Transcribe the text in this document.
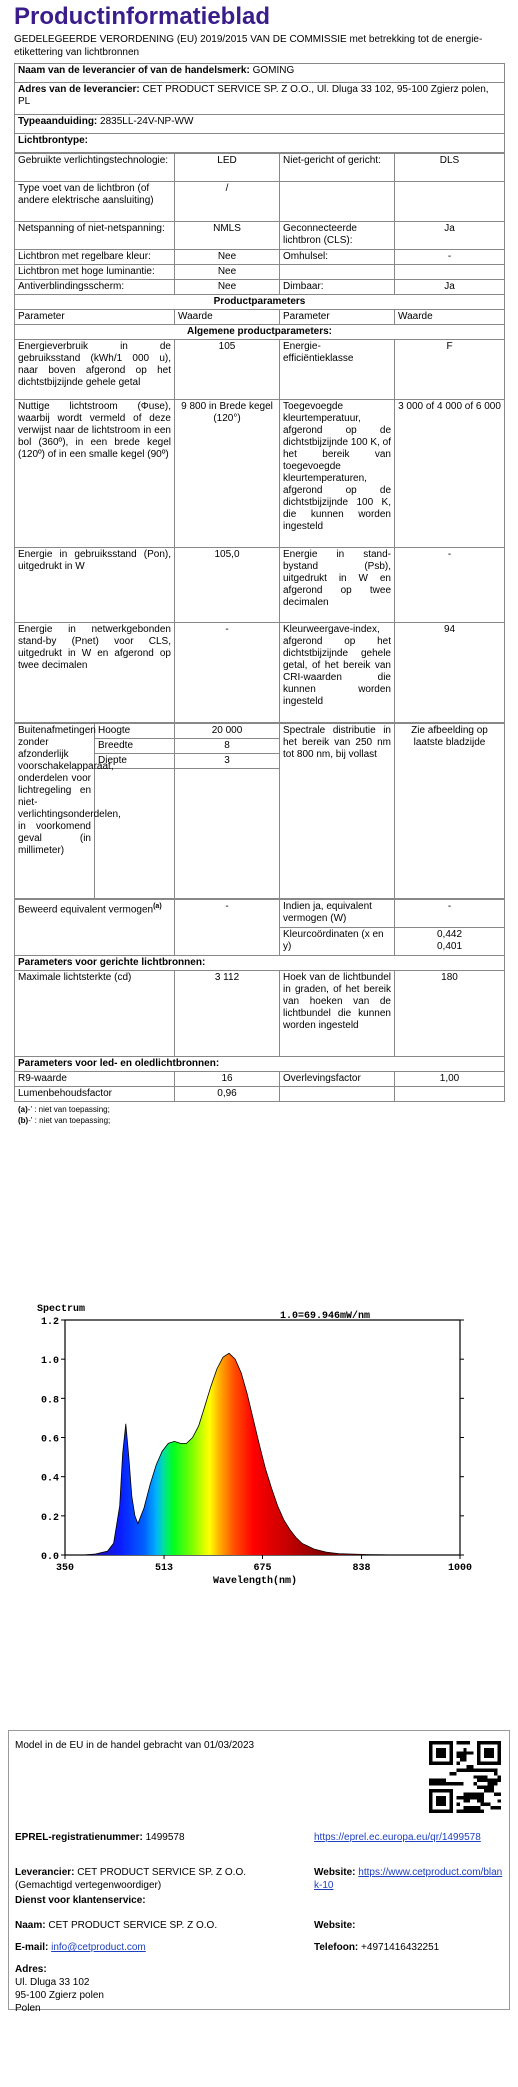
Productinformatieblad
GEDELEGEERDE VERORDENING (EU) 2019/2015 VAN DE COMMISSIE met betrekking tot de energie-etikettering van lichtbronnen
Naam van de leverancier of van de handelsmerk: GOMING
Adres van de leverancier: CET PRODUCT SERVICE SP. Z O.O., Ul. Dluga 33 102, 95-100 Zgierz polen, PL
Typeaanduiding: 2835LL-24V-NP-WW
Lichtbrontype:
Gebruikte verlichtingstechnologie:	LED	Niet-gericht of gericht:	DLS
Type voet van de lichtbron (of andere elektrische aansluiting)	/		
Netspanning of niet-netspanning:	NMLS	Geconnecteerde lichtbron (CLS):	Ja
Lichtbron met regelbare kleur:	Nee	Omhulsel:	-
Lichtbron met hoge luminantie:	Nee		
Antiverblindingsscherm:	Nee	Dimbaar:	Ja
Productparameters			
Parameter	Waarde	Parameter	Waarde
Algemene productparameters:			
Energieverbruik in de gebruiksstand (kWh/1 000 u), naar boven afgerond op het dichtstbijzijnde gehele getal	105	Energie-efficiëntieklasse	F
Nuttige lichtstroom (Φuse), waarbij wordt vermeld of deze verwijst naar de lichtstroom in een bol (360º), in een brede kegel (120º) of in een smalle kegel (90º)	9 800 in Brede kegel (120°)	Toegevoegde kleurtemperatuur, afgerond op de dichtstbijzijnde 100 K, of het bereik van toegevoegde kleurtemperaturen, afgerond op de dichtstbijzijnde 100 K, die kunnen worden ingesteld	3 000 of 4 000 of 6 000
Energie in gebruiksstand (Pon), uitgedrukt in W	105,0	Energie in stand-bystand (Psb), uitgedrukt in W en afgerond op twee decimalen	-
Energie in netwerkgebonden stand-by (Pnet) voor CLS, uitgedrukt in W en afgerond op twee decimalen	-	Kleurweergave-index, afgerond op het dichtstbijzijnde gehele getal, of het bereik van CRI-waarden die kunnen worden ingesteld	94
Buitenafmetingen zonder afzonderlijk voorschakelapparaat, onderdelen voor lichtregeling en niet-verlichtingsonderdelen, in voorkomend geval (in millimeter)	Hoogte	20 000	Spectrale distributie in het bereik van 250 nm tot 800 nm, bij vollast	Zie afbeelding op laatste bladzijde
	Breedte	8		
	Diepte	3		

Beweerd equivalent vermogen$^{(a)}$	-	Indien ja, equivalent vermogen (W)	-
		Kleurcoördinaten (x en y)	0,442
0,401

Parameters voor gerichte lichtbronnen:			
Maximale lichtsterkte (cd)	3 112	Hoek van de lichtbundel in graden, of het bereik van hoeken van de lichtbundel die kunnen worden ingesteld	180
Parameters voor led- en oledlichtbronnen:			
R9-waarde	16	Overlevingsfactor	1,00
Lumenbehoudsfactor	0,96		
(a)-' : niet van toepassing;
(b)-' : niet van toepassing;
0.0
0.2
0.4
0.6
0.8
1.0
1.2
350	513	675	838	1000
Spectrum
1.0=69.946mW/nm
Wavelength(nm)
Model in de EU in de handel gebracht van 01/03/2023
EPREL-registratienummer: 1499578	https://eprel.ec.europa.eu/qr/1499578
Leverancier: CET PRODUCT SERVICE SP. Z O.O. (Gemachtigd vertegenwoordiger)
Website: https://www.cetproduct.com/blank-10
Dienst voor klantenservice:
Naam: CET PRODUCT SERVICE SP. Z O.O.	Website:
E-mail: info@cetproduct.com	Telefoon: +4971416432251
Adres:
Ul. Dluga 33 102
95-100 Zgierz polen
Polen
